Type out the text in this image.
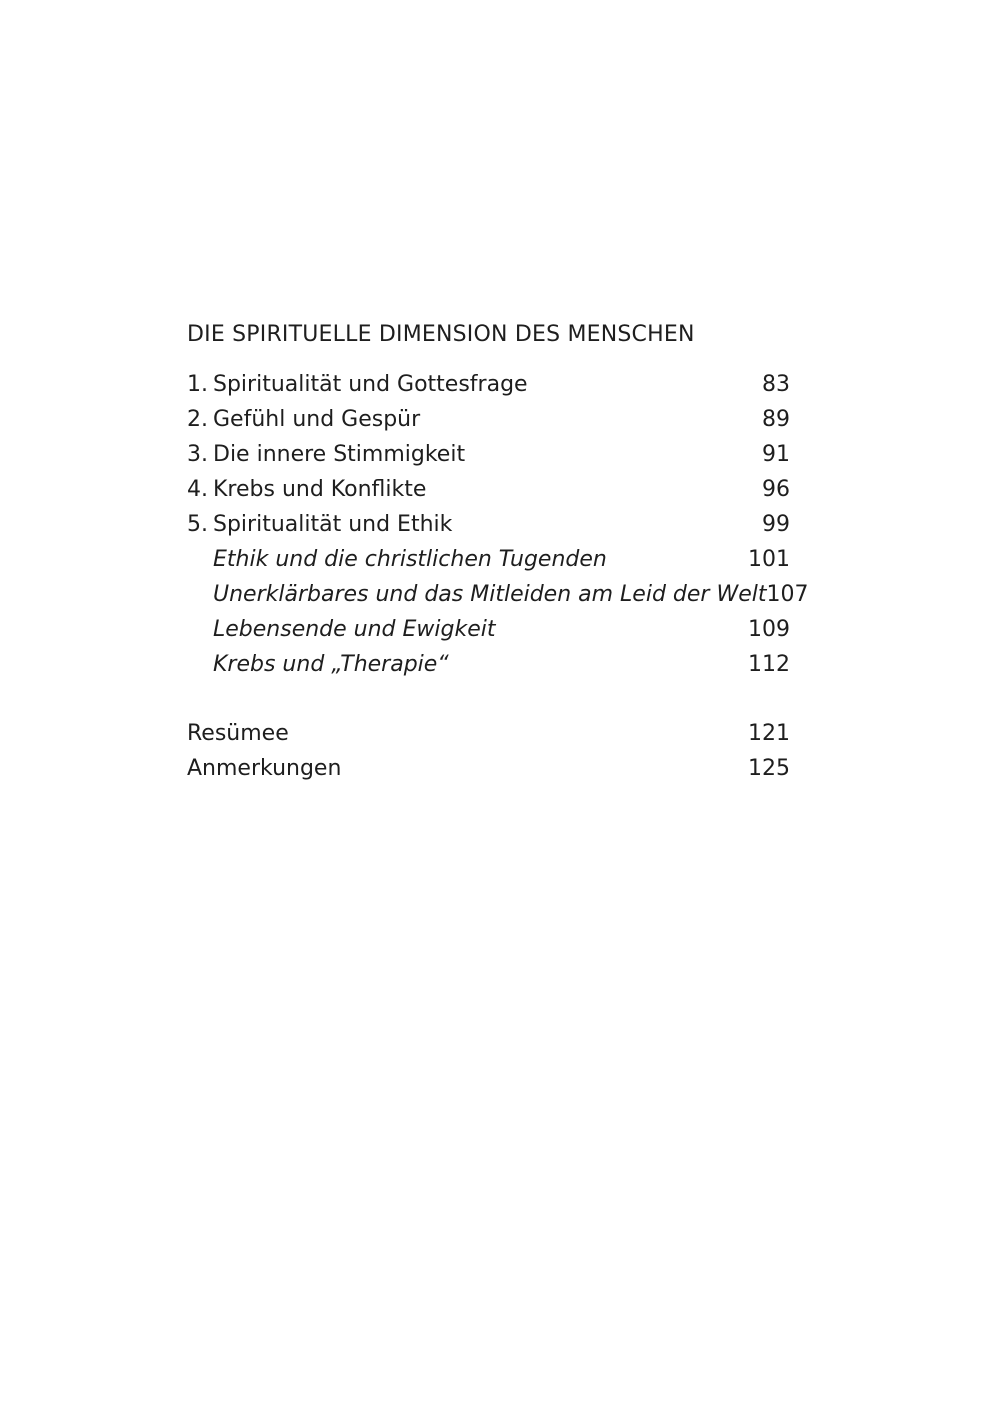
DIE SPIRITUELLE DIMENSION DES MENSCHEN
1. Spiritualität und Gottesfrage	83
2. Gefühl und Gespür	89
3. Die innere Stimmigkeit	91
4. Krebs und Konflikte	96
5. Spiritualität und Ethik	99
Ethik und die christlichen Tugenden	101
Unerklärbares und das Mitleiden am Leid der Welt 107
Lebensende und Ewigkeit	109
Krebs und „Therapie“	112
Resümee	121
Anmerkungen	125
